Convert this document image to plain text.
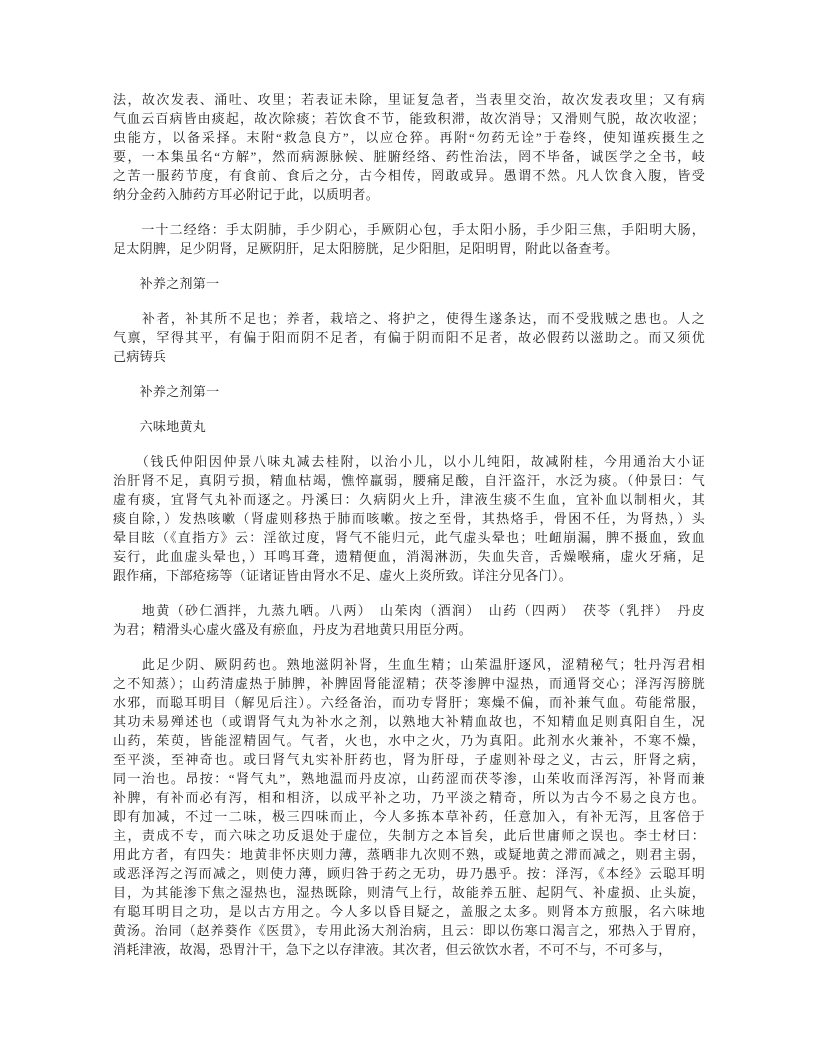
法，故次发表、涌吐、攻里；若表证未除，里证复急者，当表里交治，故次发表攻里；又有病
气血云百病皆由痰起，故次除痰；若饮食不节，能致积滞，故次消导；又滑则气脱，故次收涩；
虫能方，以备采择。末附“救急良方”，以应仓猝。再附“勿药无诠”于卷终，使知谨疾摄生之
要，一本集虽名“方解”，然而病源脉候、脏腑经络、药性治法，罔不毕备，诚医学之全书，岐
之苦一服药节度，有食前、食后之分，古今相传，罔敢或异。愚谓不然。凡人饮食入腹，皆受
纳分金药入肺药方耳必附记于此，以质明者。
　　一十二经络：手太阴肺，手少阴心，手厥阴心包，手太阳小肠，手少阳三焦，手阳明大肠，
足太阴脾，足少阴肾，足厥阴肝，足太阳膀胱，足少阳胆，足阳明胃，附此以备查考。
　　补养之剂第一
　　补者，补其所不足也；养者，栽培之、将护之，使得生遂条达，而不受戕贼之患也。人之
气禀，罕得其平，有偏于阳而阴不足者，有偏于阴而阳不足者，故必假药以滋助之。而又须优
己病铸兵
　　补养之剂第一
　　六味地黄丸
　　（钱氏仲阳因仲景八味丸减去桂附，以治小儿，以小儿纯阳，故减附桂，今用通治大小证
治肝肾不足，真阴亏损，精血枯竭，憔悴羸弱，腰痛足酸，自汗盗汗，水泛为痰。（仲景曰：气
虚有痰，宜肾气丸补而逐之。丹溪曰：久病阴火上升，津液生痰不生血，宜补血以制相火，其
痰自除，）发热咳嗽（肾虚则移热于肺而咳嗽。按之至骨，其热烙手，骨困不任，为肾热，）头
晕目眩（《直指方》云：淫欲过度，肾气不能归元，此气虚头晕也；吐衄崩漏，脾不摄血，致血
妄行，此血虚头晕也，）耳鸣耳聋，遗精便血，消渴淋沥，失血失音，舌燥喉痛，虚火牙痛，足
跟作痛，下部疮疡等（证诸证皆由肾水不足、虚火上炎所致。详注分见各门）。
　　地黄（砂仁酒拌，九蒸九晒。八两）　山茱肉（酒润）　山药（四两）　茯苓（乳拌）　丹皮
为君；精滑头心虚火盛及有瘀血，丹皮为君地黄只用臣分两。
　　此足少阴、厥阴药也。熟地滋阴补肾，生血生精；山茱温肝逐风，涩精秘气；牡丹泻君相
之不知蒸）；山药清虚热于肺脾，补脾固肾能涩精；茯苓渗脾中湿热，而通肾交心；泽泻泻膀胱
水邪，而聪耳明目（解见后注）。六经备治，而功专肾肝；寒燥不偏，而补兼气血。苟能常服，
其功未易殚述也（或谓肾气丸为补水之剂，以熟地大补精血故也，不知精血足则真阳自生，况
山药，茱萸，皆能涩精固气。气者，火也，水中之火，乃为真阳。此剂水火兼补，不寒不燥，
至平淡，至神奇也。或曰肾气丸实补肝药也，肾为肝母，子虚则补母之义，古云，肝肾之病，
同一治也。昂按：“肾气丸”，熟地温而丹皮凉，山药涩而茯苓渗，山茱收而泽泻泻，补肾而兼
补脾，有补而必有泻，相和相济，以成平补之功，乃平淡之精奇，所以为古今不易之良方也。
即有加减，不过一二味，极三四味而止，今人多拣本草补药，任意加入，有补无泻，且客倍于
主，责成不专，而六味之功反退处于虚位，失制方之本旨矣，此后世庸师之误也。李士材曰：
用此方者，有四失：地黄非怀庆则力薄，蒸晒非九次则不熟，或疑地黄之滞而减之，则君主弱，
或恶泽泻之泻而减之，则使力薄，顾归咎于药之无功，毋乃愚乎。按：泽泻，《本经》云聪耳明
目，为其能渗下焦之湿热也，湿热既除，则清气上行，故能养五脏、起阴气、补虚损、止头旋，
有聪耳明目之功，是以古方用之。今人多以昏目疑之，盖服之太多。则肾本方煎服，名六味地
黄汤。治同（赵养葵作《医贯》，专用此汤大剂治病，且云：即以伤寒口渴言之，邪热入于胃府，
消耗津液，故渴，恐胃汁干，急下之以存津液。其次者，但云欲饮水者，不可不与，不可多与，
